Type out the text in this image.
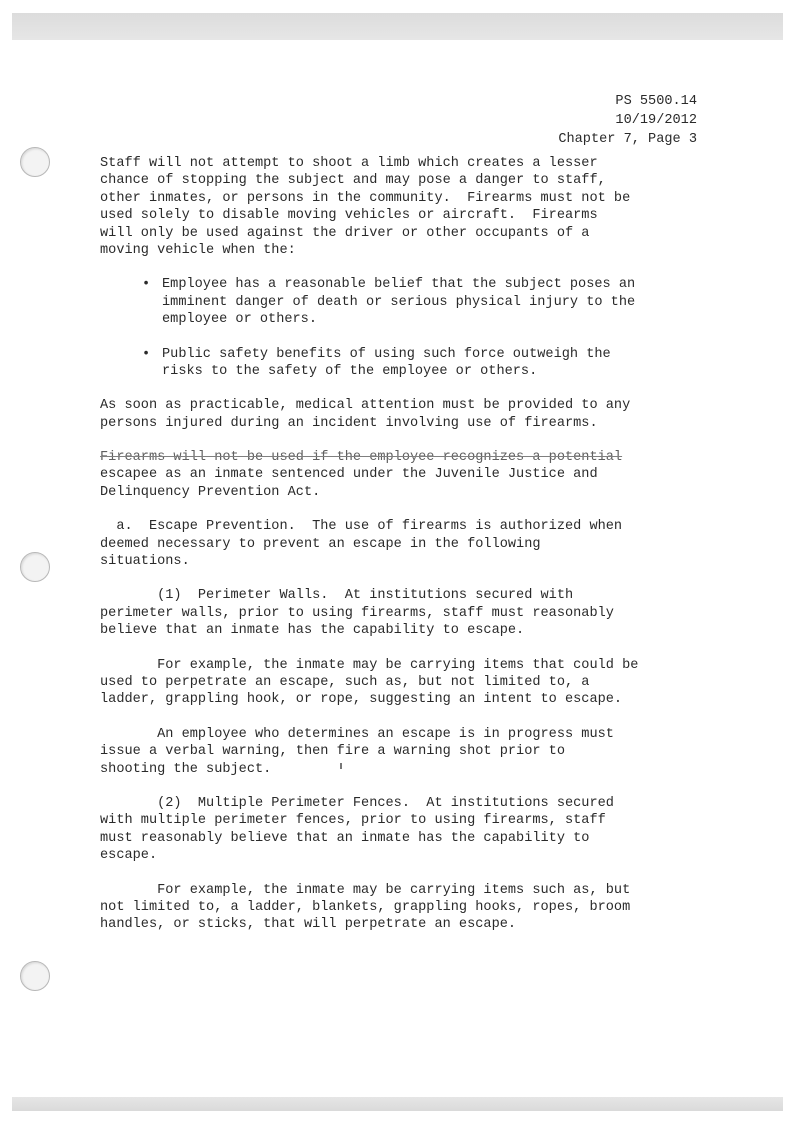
PS 5500.14
10/19/2012
Chapter 7, Page 3
Staff will not attempt to shoot a limb which creates a lesser
chance of stopping the subject and may pose a danger to staff,
other inmates, or persons in the community.  Firearms must not be
used solely to disable moving vehicles or aircraft.  Firearms
will only be used against the driver or other occupants of a
moving vehicle when the:
• Employee has a reasonable belief that the subject poses an
imminent danger of death or serious physical injury to the
employee or others.
• Public safety benefits of using such force outweigh the
risks to the safety of the employee or others.
As soon as practicable, medical attention must be provided to any
persons injured during an incident involving use of firearms.
Firearms will not be used if the employee recognizes a potential
escapee as an inmate sentenced under the Juvenile Justice and
Delinquency Prevention Act.
a.  Escape Prevention.  The use of firearms is authorized when
deemed necessary to prevent an escape in the following
situations.
(1)  Perimeter Walls.  At institutions secured with
perimeter walls, prior to using firearms, staff must reasonably
believe that an inmate has the capability to escape.
For example, the inmate may be carrying items that could be
used to perpetrate an escape, such as, but not limited to, a
ladder, grappling hook, or rope, suggesting an intent to escape.
An employee who determines an escape is in progress must
issue a verbal warning, then fire a warning shot prior to
shooting the subject.
(2)  Multiple Perimeter Fences.  At institutions secured
with multiple perimeter fences, prior to using firearms, staff
must reasonably believe that an inmate has the capability to
escape.
For example, the inmate may be carrying items such as, but
not limited to, a ladder, blankets, grappling hooks, ropes, broom
handles, or sticks, that will perpetrate an escape.
